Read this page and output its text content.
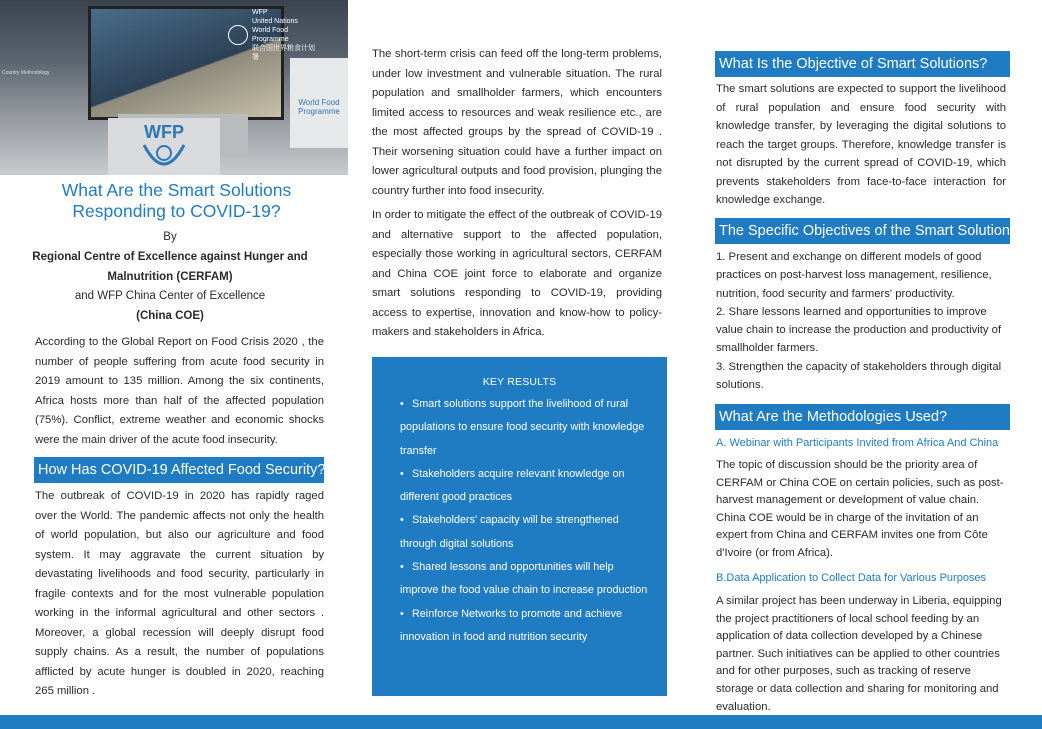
WFP
United Nations
World Food Programme
联合国世界粮食计划署
WFP
World Food
Programme
Country Methodology
What Are the Smart Solutions Responding to COVID-19?
By
Regional Centre of Excellence against Hunger and
Malnutrition (CERFAM)
and WFP China Center of Excellence
(China COE)
According to the Global Report on Food Crisis 2020 , the number of people suffering from acute food security in 2019 amount to 135 million. Among the six continents, Africa hosts more than half of the affected population (75%). Conflict, extreme weather and economic shocks were the main driver of the acute food insecurity.
How Has COVID-19 Affected Food Security?
The outbreak of COVID-19 in 2020 has rapidly raged over the World. The pandemic affects not only the health of world population, but also our agriculture and food system. It may aggravate the current situation by devastating livelihoods and food security, particularly in fragile contexts and for the most vulnerable population working in the informal agricultural and other sectors . Moreover, a global recession will deeply disrupt food supply chains. As a result, the number of populations afflicted by acute hunger is doubled in 2020, reaching 265 million .
The short-term crisis can feed off the long-term problems, under low investment and vulnerable situation. The rural population and smallholder farmers, which encounters limited access to resources and weak resilience etc., are the most affected groups by the spread of COVID-19 . Their worsening situation could have a further impact on lower agricultural outputs and food provision, plunging the country further into food insecurity.
In order to mitigate the effect of the outbreak of COVID-19 and alternative support to the affected population, especially those working in agricultural sectors, CERFAM and China COE joint force to elaborate and organize smart solutions responding to COVID-19, providing access to expertise, innovation and know-how to policy-makers and stakeholders in Africa.
KEY RESULTS
• Smart solutions support the livelihood of rural populations to ensure food security with knowledge transfer
• Stakeholders acquire relevant knowledge on different good practices
• Stakeholders' capacity will be strengthened through digital solutions
• Shared lessons and opportunities will help improve the food value chain to increase production
• Reinforce Networks to promote and achieve innovation in food and nutrition security
What Is the Objective of Smart Solutions?
The smart solutions are expected to support the livelihood of rural population and ensure food security with knowledge transfer, by leveraging the digital solutions to reach the target groups. Therefore, knowledge transfer is not disrupted by the current spread of COVID-19, which prevents stakeholders from face-to-face interaction for knowledge exchange.
The Specific Objectives of the Smart Solutions:
1. Present and exchange on different models of good practices on post-harvest loss management, resilience, nutrition, food security and farmers' productivity.
2. Share lessons learned and opportunities to improve value chain to increase the production and productivity of smallholder farmers.
3. Strengthen the capacity of stakeholders through digital solutions.
What Are the Methodologies Used?
A. Webinar with Participants Invited from Africa And China
The topic of discussion should be the priority area of CERFAM or China COE on certain policies, such as post-harvest management or development of value chain. China COE would be in charge of the invitation of an expert from China and CERFAM invites one from Côte d'Ivoire (or from Africa).
B.Data Application to Collect Data for Various Purposes
A similar project has been underway in Liberia, equipping the project practitioners of local school feeding by an application of data collection developed by a Chinese partner. Such initiatives can be applied to other countries and for other purposes, such as tracking of reserve storage or data collection and sharing for monitoring and evaluation.
